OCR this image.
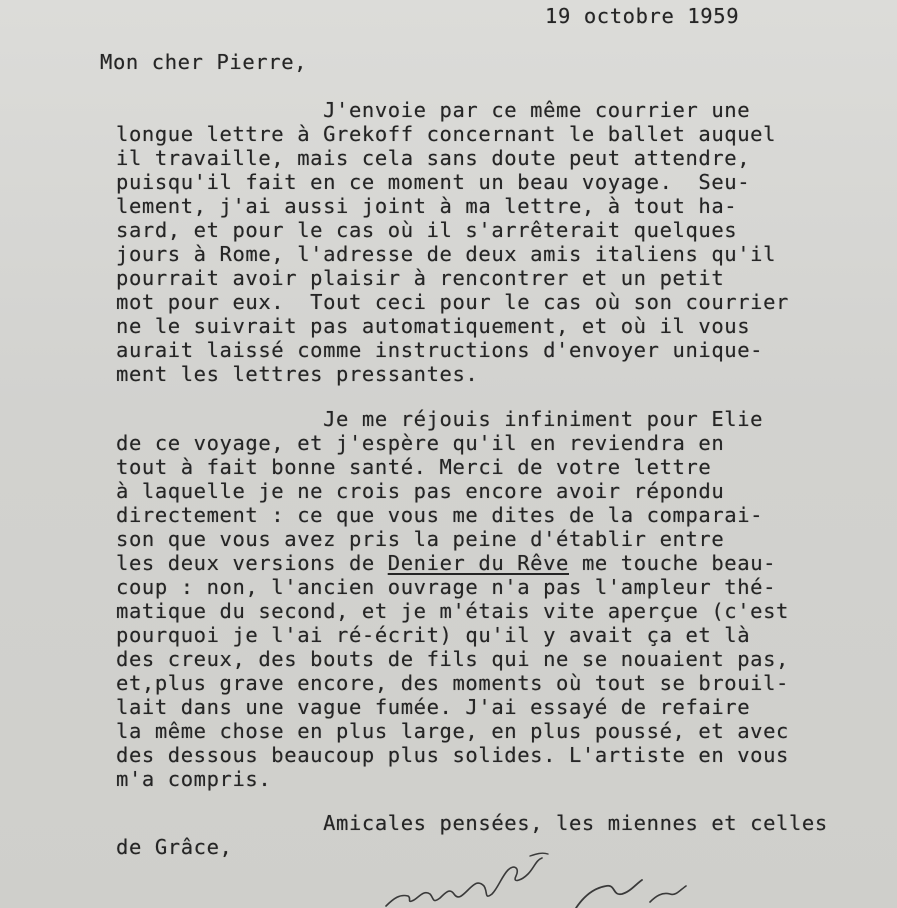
19 octobre 1959
Mon cher Pierre,
J'envoie par ce même courrier une
longue lettre à Grekoff concernant le ballet auquel
il travaille, mais cela sans doute peut attendre,
puisqu'il fait en ce moment un beau voyage.  Seu-
lement, j'ai aussi joint à ma lettre, à tout ha-
sard, et pour le cas où il s'arrêterait quelques
jours à Rome, l'adresse de deux amis italiens qu'il
pourrait avoir plaisir à rencontrer et un petit
mot pour eux.  Tout ceci pour le cas où son courrier
ne le suivrait pas automatiquement, et où il vous
aurait laissé comme instructions d'envoyer unique-
ment les lettres pressantes.
Je me réjouis infiniment pour Elie
de ce voyage, et j'espère qu'il en reviendra en
tout à fait bonne santé. Merci de votre lettre
à laquelle je ne crois pas encore avoir répondu
directement : ce que vous me dites de la comparai-
son que vous avez pris la peine d'établir entre
les deux versions de Denier du Rêve me touche beau-
coup : non, l'ancien ouvrage n'a pas l'ampleur thé-
matique du second, et je m'étais vite aperçue (c'est
pourquoi je l'ai ré-écrit) qu'il y avait ça et là
des creux, des bouts de fils qui ne se nouaient pas,
et,plus grave encore, des moments où tout se brouil-
lait dans une vague fumée. J'ai essayé de refaire
la même chose en plus large, en plus poussé, et avec
des dessous beaucoup plus solides. L'artiste en vous
m'a compris.
Amicales pensées, les miennes et celles
de Grâce,
